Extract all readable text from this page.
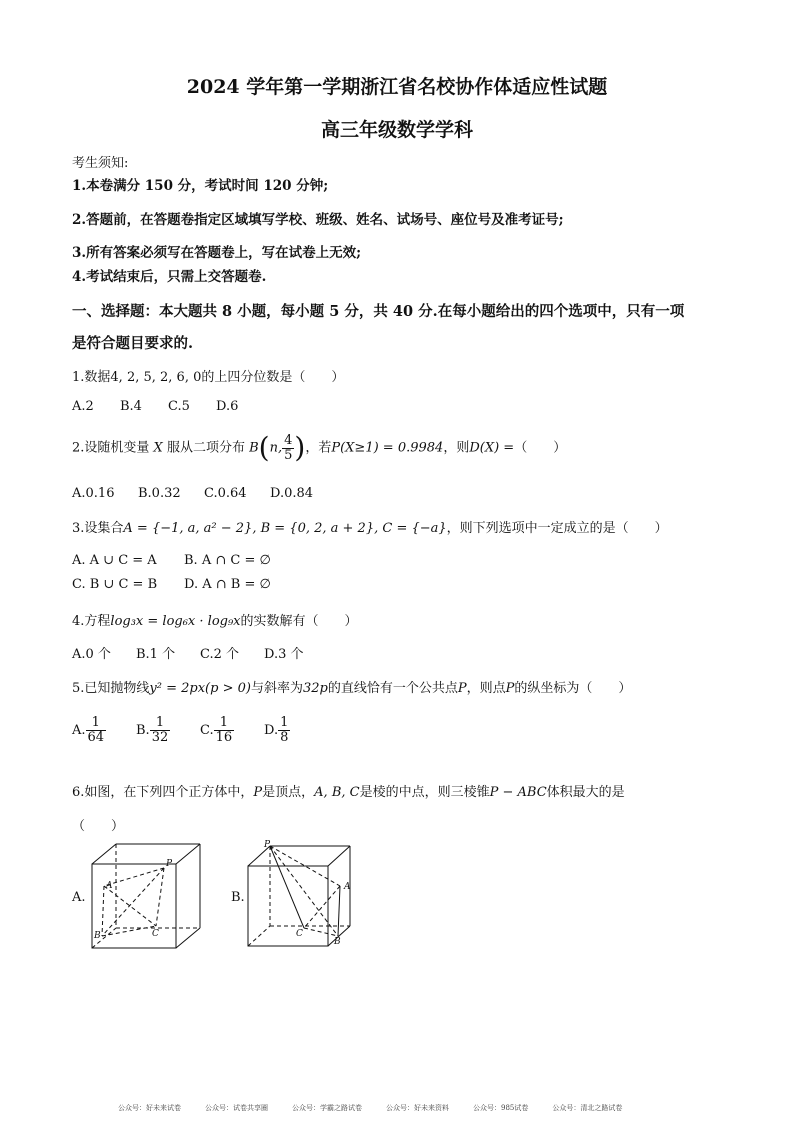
2024 学年第一学期浙江省名校协作体适应性试题
高三年级数学学科
考生须知:
1.本卷满分 150 分，考试时间 120 分钟;
2.答题前，在答题卷指定区域填写学校、班级、姓名、试场号、座位号及准考证号;
3.所有答案必须写在答题卷上，写在试卷上无效;
4.考试结束后，只需上交答题卷.
一、选择题：本大题共 8 小题，每小题 5 分，共 40 分.在每小题给出的四个选项中，只有一项
是符合题目要求的.
1.数据4, 2, 5, 2, 6, 0的上四分位数是（　　）
A.2 B.4 C.5 D.6
2.设随机变量 X 服从二项分布 B(n, $\frac{4}{5}$ )，若P(X≥1) = 0.9984，则D(X) =（　　）
A.0.16 B.0.32 C.0.64 D.0.84
3.设集合A = {−1, a, a² − 2}, B = {0, 2, a + 2}, C = {−a}，则下列选项中一定成立的是（　　）
A. A ∪ C = A B. A ∩ C = ∅
C. B ∪ C = B D. A ∩ B = ∅
4.方程log₃x = log₆x · log₉x的实数解有（　　）
A.0 个 B.1 个 C.2 个 D.3 个
5.已知抛物线y² = 2px(p > 0)与斜率为32p的直线恰有一个公共点P，则点P的纵坐标为（　　）
A. $\frac{1}{64} B$. $\frac{1}{32} C$. $\frac{1}{16} D$. $\frac{1}{8}$
6.如图，在下列四个正方体中，P是顶点，A, B, C是棱的中点，则三棱锥P − ABC体积最大的是
（　　）
A.
P
A
B	C
B.
P
A
B
C
公众号：好未来试卷	公众号：试卷共享圈	公众号：学霸之路试卷	公众号：好未来资料	公众号：985试卷	公众号：清北之路试卷
